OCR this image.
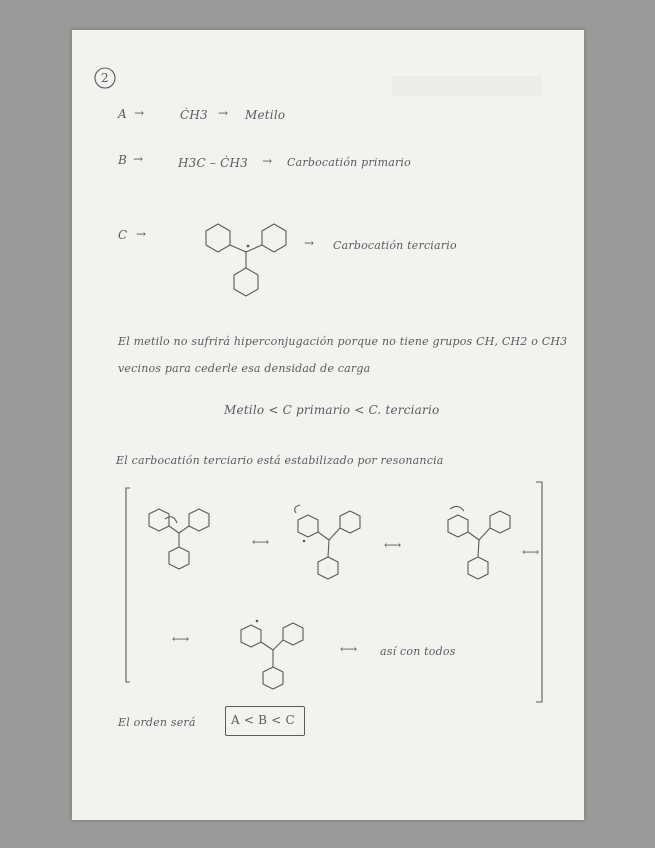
2
A →	ĊH3 → Metilo
B →	H3C – ĊH3 → Carbocatión primario
C →
→ Carbocatión terciario
El metilo no sufrirá hiperconjugación porque no tiene grupos CH, CH2 o CH3
vecinos para cederle esa densidad de carga
Metilo < C primario < C. terciario
El carbocatión terciario está estabilizado por resonancia
⟷	⟷	⟷
⟷
⟷ así con todos
El orden será	A < B < C
